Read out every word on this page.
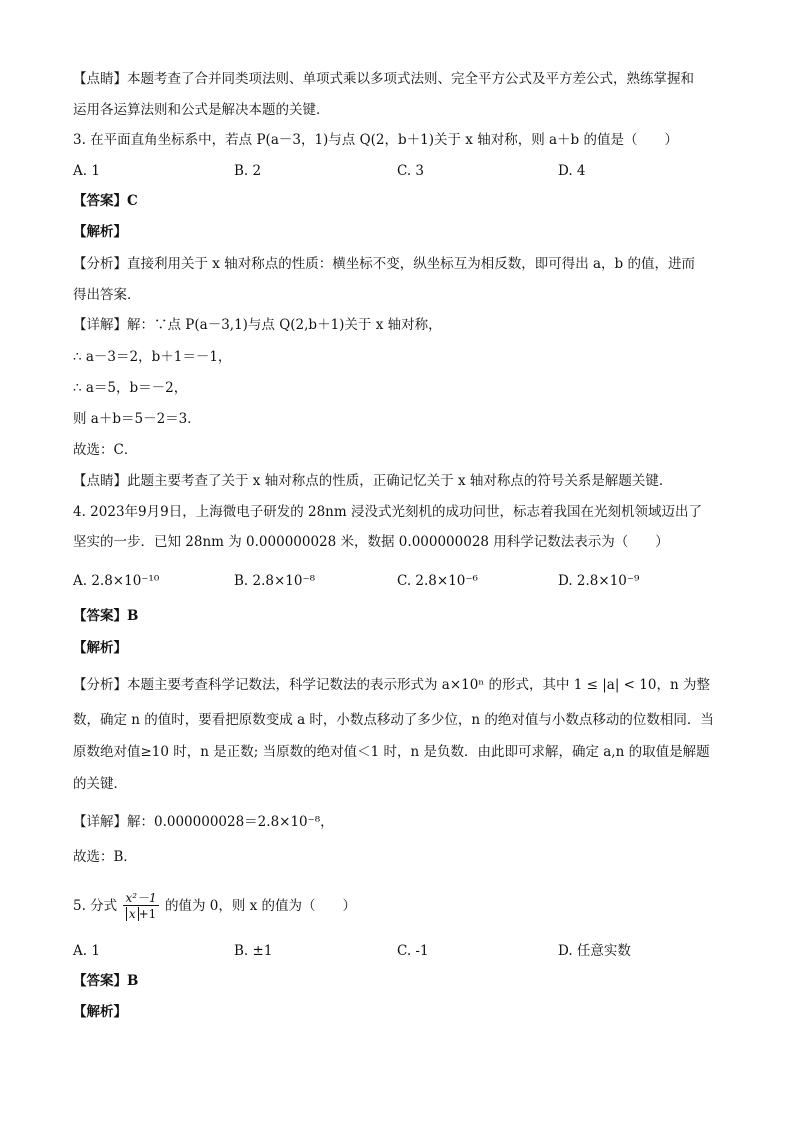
【点睛】本题考查了合并同类项法则、单项式乘以多项式法则、完全平方公式及平方差公式，熟练掌握和
运用各运算法则和公式是解决本题的关键．
3. 在平面直角坐标系中，若点 P(a－3，1)与点 Q(2，b＋1)关于 x 轴对称，则 a＋b 的值是（　　）
A. 1	B. 2	C. 3	D. 4
【答案】C
【解析】
【分析】直接利用关于 x 轴对称点的性质：横坐标不变，纵坐标互为相反数，即可得出 a，b 的值，进而
得出答案．
【详解】解：∵点 P(a－3,1)与点 Q(2,b＋1)关于 x 轴对称，
∴ a－3＝2，b＋1＝－1，
∴ a＝5，b＝－2，
则 a＋b＝5－2＝3．
故选：C．
【点睛】此题主要考查了关于 x 轴对称点的性质，正确记忆关于 x 轴对称点的符号关系是解题关键．
4. 2023年9月9日，上海微电子研发的 28nm 浸没式光刻机的成功问世，标志着我国在光刻机领域迈出了
坚实的一步．已知 28nm 为 0.000000028 米，数据 0.000000028 用科学记数法表示为（　　）
A. 2.8×10⁻¹⁰	B. 2.8×10⁻⁸	C. 2.8×10⁻⁶	D. 2.8×10⁻⁹
【答案】B
【解析】
【分析】本题主要考查科学记数法，科学记数法的表示形式为 a×10ⁿ 的形式，其中 1 ≤ |a| < 10，n 为整
数，确定 n 的值时，要看把原数变成 a 时，小数点移动了多少位，n 的绝对值与小数点移动的位数相同．当
原数绝对值≥10 时，n 是正数; 当原数的绝对值＜1 时，n 是负数．由此即可求解，确定 a,n 的取值是解题
的关键．
【详解】解：0.000000028＝2.8×10⁻⁸，
故选：B．
5. 分式 $\frac{\text{x²－1}}{x +1}$ 的值为 0，则 x 的值为（　　）
A. 1	B. ±1	C. -1	D. 任意实数
【答案】B
【解析】
